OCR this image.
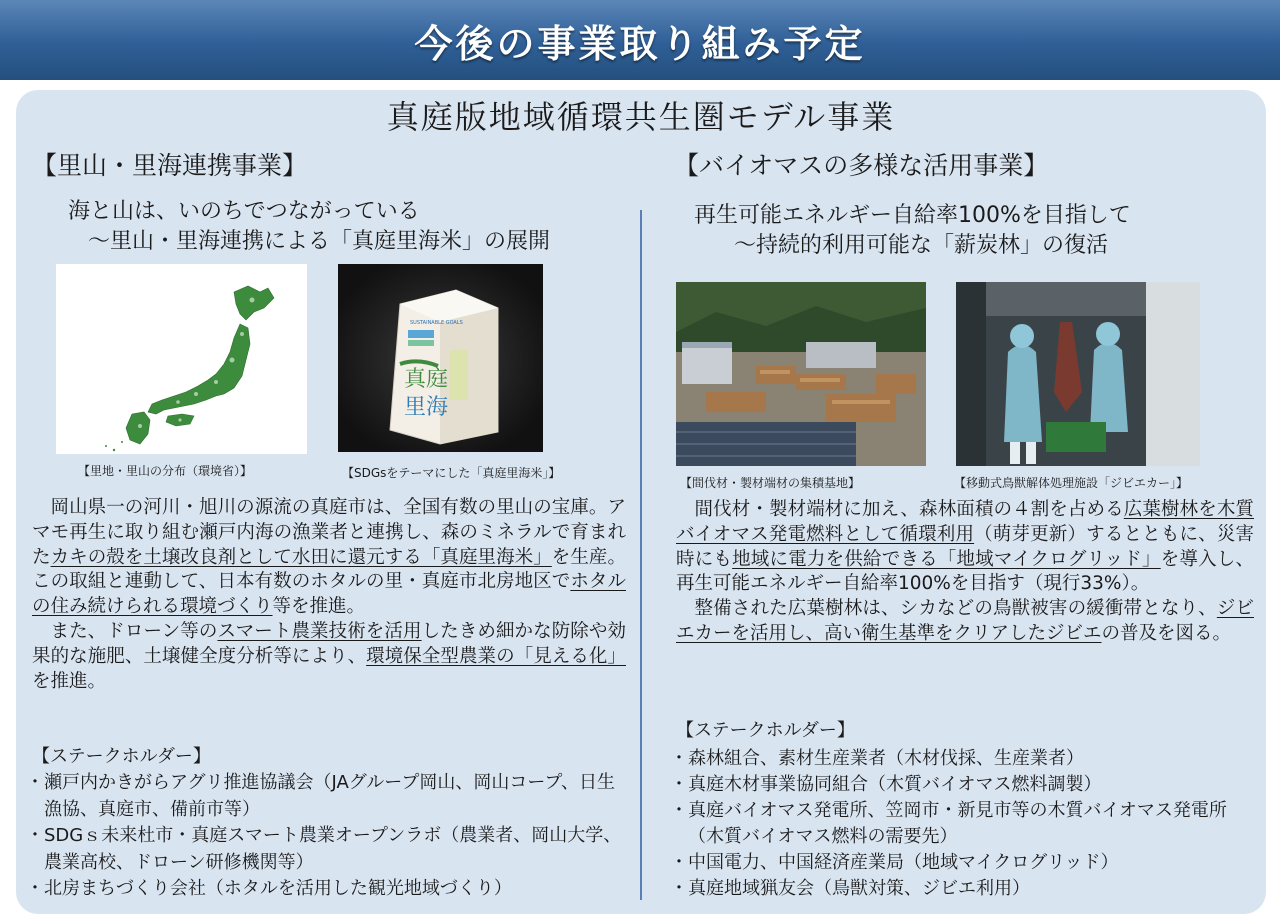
今後の事業取り組み予定
真庭版地域循環共生圏モデル事業
【里山・里海連携事業】
海と山は、いのちでつながっている
～里山・里海連携による「真庭里海米」の展開
【里地・里山の分布（環境省）】
真庭
里海
SUSTAINABLE GOALS
【SDGsをテーマにした「真庭里海米」】

岡山県一の河川・旭川の源流の真庭市は、全国有数の里山の宝庫。アマモ再生に取り組む瀬戸内海の漁業者と連携し、森のミネラルで育まれたカキの殻を土壌改良剤として水田に還元する「真庭里海米」を生産。この取組と連動して、日本有数のホタルの里・真庭市北房地区でホタルの住み続けられる環境づくり等を推進。

また、ドローン等のスマート農業技術を活用したきめ細かな防除や効果的な施肥、土壌健全度分析等により、環境保全型農業の「見える化」を推進。

【ステークホルダー】
・瀬戸内かきがらアグリ推進協議会（JAグループ岡山、岡山コープ、日生漁協、真庭市、備前市等）
・SDGｓ未来杜市・真庭スマート農業オープンラボ（農業者、岡山大学、農業高校、ドローン研修機関等）
・北房まちづくり会社（ホタルを活用した観光地域づくり）
【バイオマスの多様な活用事業】
再生可能エネルギー自給率100%を目指して
～持続的利用可能な「薪炭林」の復活
【間伐材・製材端材の集積基地】	【移動式鳥獣解体処理施設「ジビエカー」】

間伐材・製材端材に加え、森林面積の４割を占める広葉樹林を木質バイオマス発電燃料として循環利用（萌芽更新）するとともに、災害時にも地域に電力を供給できる「地域マイクログリッド」を導入し、再生可能エネルギー自給率100%を目指す（現行33%）。

整備された広葉樹林は、シカなどの鳥獣被害の緩衝帯となり、ジビエカーを活用し、高い衛生基準をクリアしたジビエの普及を図る。

【ステークホルダー】
・森林組合、素材生産業者（木材伐採、生産業者）
・真庭木材事業協同組合（木質バイオマス燃料調製）
・真庭バイオマス発電所、笠岡市・新見市等の木質バイオマス発電所（木質バイオマス燃料の需要先）
・中国電力、中国経済産業局（地域マイクログリッド）
・真庭地域猟友会（鳥獣対策、ジビエ利用）
